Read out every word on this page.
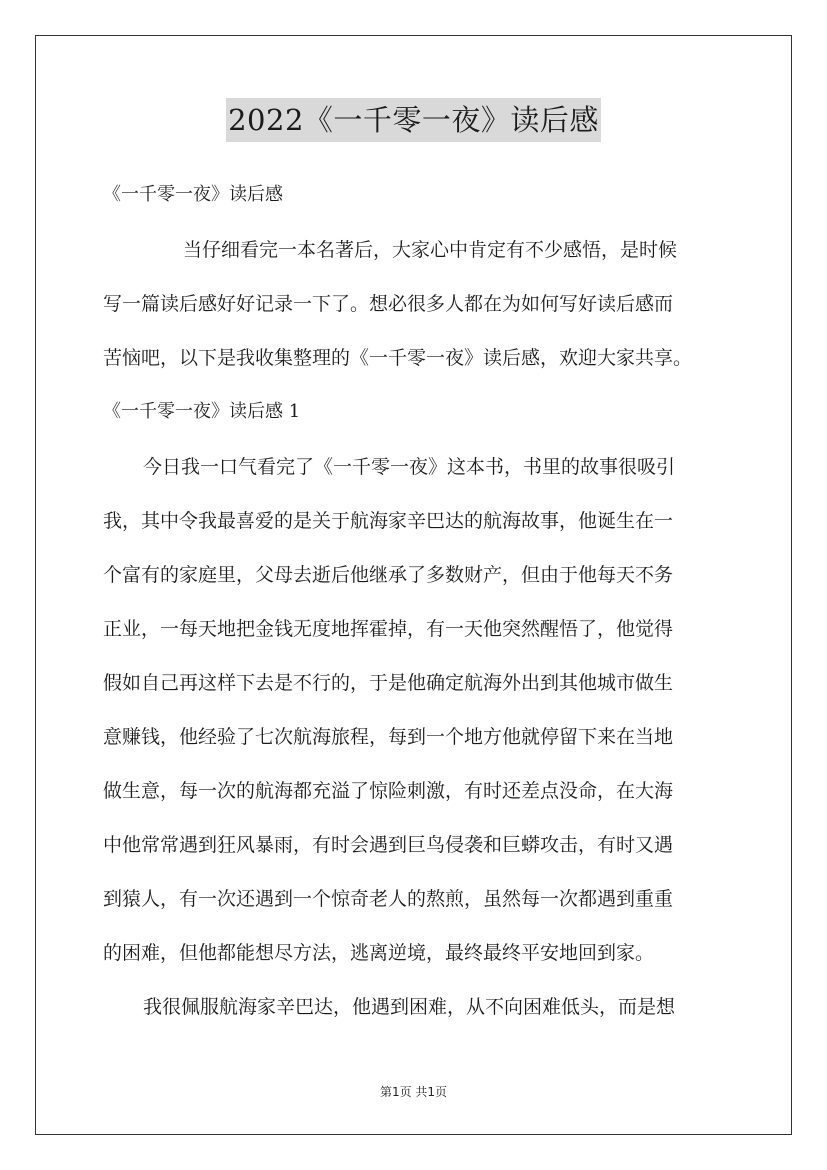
2022《一千零一夜》读后感
《一千零一夜》读后感
当仔细看完一本名著后，大家心中肯定有不少感悟，是时候
写一篇读后感好好记录一下了。想必很多人都在为如何写好读后感而
苦恼吧，以下是我收集整理的《一千零一夜》读后感，欢迎大家共享。
《一千零一夜》读后感 1
今日我一口气看完了《一千零一夜》这本书，书里的故事很吸引
我，其中令我最喜爱的是关于航海家辛巴达的航海故事，他诞生在一
个富有的家庭里，父母去逝后他继承了多数财产，但由于他每天不务
正业，一每天地把金钱无度地挥霍掉，有一天他突然醒悟了，他觉得
假如自己再这样下去是不行的，于是他确定航海外出到其他城市做生
意赚钱，他经验了七次航海旅程，每到一个地方他就停留下来在当地
做生意，每一次的航海都充溢了惊险刺激，有时还差点没命，在大海
中他常常遇到狂风暴雨，有时会遇到巨鸟侵袭和巨蟒攻击，有时又遇
到猿人，有一次还遇到一个惊奇老人的熬煎，虽然每一次都遇到重重
的困难，但他都能想尽方法，逃离逆境，最终最终平安地回到家。
我很佩服航海家辛巴达，他遇到困难，从不向困难低头，而是想
第1页 共1页
